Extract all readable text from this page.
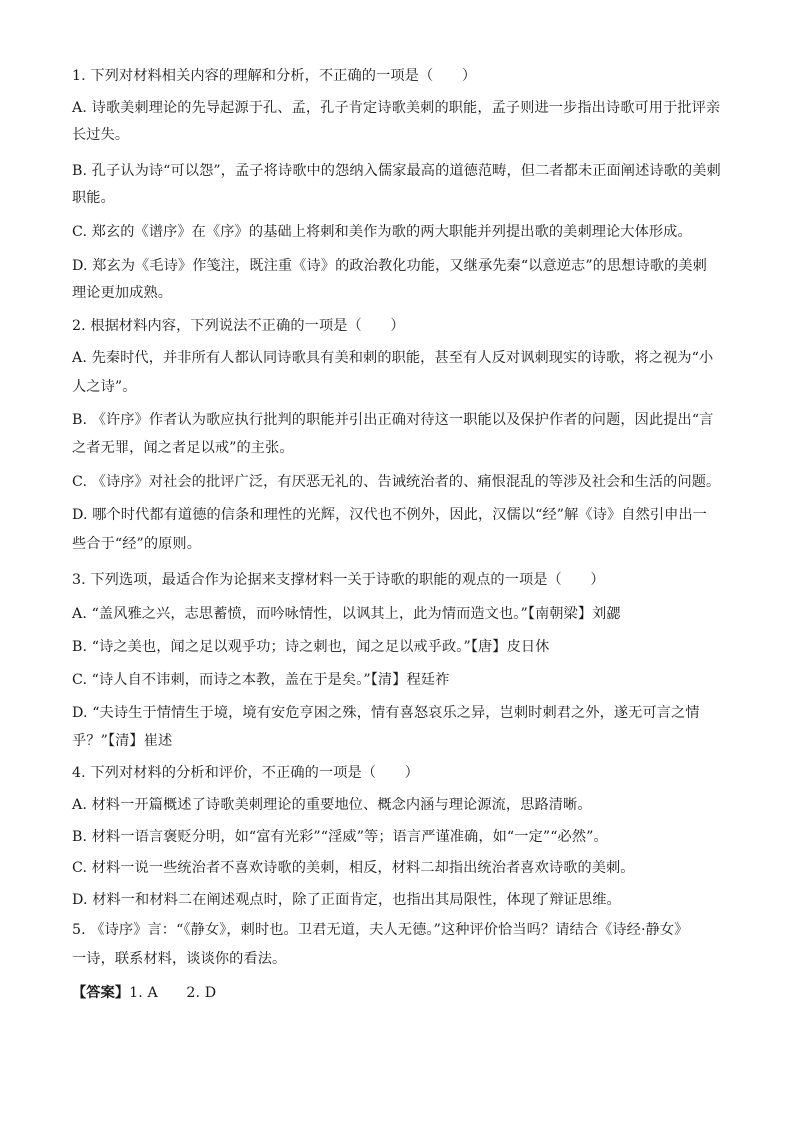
1. 下列对材料相关内容的理解和分析，不正确的一项是（　　）
A. 诗歌美刺理论的先导起源于孔、孟，孔子肯定诗歌美刺的职能，孟子则进一步指出诗歌可用于批评亲
长过失。
B. 孔子认为诗“可以怨”，孟子将诗歌中的怨纳入儒家最高的道德范畴，但二者都未正面阐述诗歌的美刺
职能。
C. 郑玄的《谱序》在《序》的基础上将刺和美作为歌的两大职能并列提出歌的美刺理论大体形成。
D. 郑玄为《毛诗》作笺注，既注重《诗》的政治教化功能，又继承先秦“以意逆志”的思想诗歌的美刺
理论更加成熟。
2. 根据材料内容，下列说法不正确的一项是（　　）
A. 先秦时代，并非所有人都认同诗歌具有美和刺的职能，甚至有人反对讽刺现实的诗歌，将之视为“小
人之诗”。
B. 《许序》作者认为歌应执行批判的职能并引出正确对待这一职能以及保护作者的问题，因此提出“言
之者无罪，闻之者足以戒”的主张。
C. 《诗序》对社会的批评广泛，有厌恶无礼的、告诫统治者的、痛恨混乱的等涉及社会和生活的问题。
D. 哪个时代都有道德的信条和理性的光辉，汉代也不例外，因此，汉儒以“经”解《诗》自然引申出一
些合于“经”的原则。
3. 下列选项，最适合作为论据来支撑材料一关于诗歌的职能的观点的一项是（　　）
A. “盖风雅之兴，志思蓄愤，而吟咏情性，以讽其上，此为情而造文也。”【南朝梁】刘勰
B. “诗之美也，闻之足以观乎功；诗之刺也，闻之足以戒乎政。”【唐】皮日休
C. “诗人自不讳刺，而诗之本教，盖在于是矣。”【清】程廷祚
D. “夫诗生于情情生于境，境有安危亨困之殊，情有喜怒哀乐之异，岂刺时刺君之外，遂无可言之情
乎？”【清】崔述
4. 下列对材料的分析和评价，不正确的一项是（　　）
A. 材料一开篇概述了诗歌美刺理论的重要地位、概念内涵与理论源流，思路清晰。
B. 材料一语言褒贬分明，如“富有光彩”“淫威”等；语言严谨准确，如“一定”“必然”。
C. 材料一说一些统治者不喜欢诗歌的美刺，相反，材料二却指出统治者喜欢诗歌的美刺。
D. 材料一和材料二在阐述观点时，除了正面肯定，也指出其局限性，体现了辩证思维。
5. 《诗序》言：“《静女》，刺时也。卫君无道，夫人无德。”这种评价恰当吗？请结合《诗经·静女》
一诗，联系材料，谈谈你的看法。
【答案】1. A　　2. D
